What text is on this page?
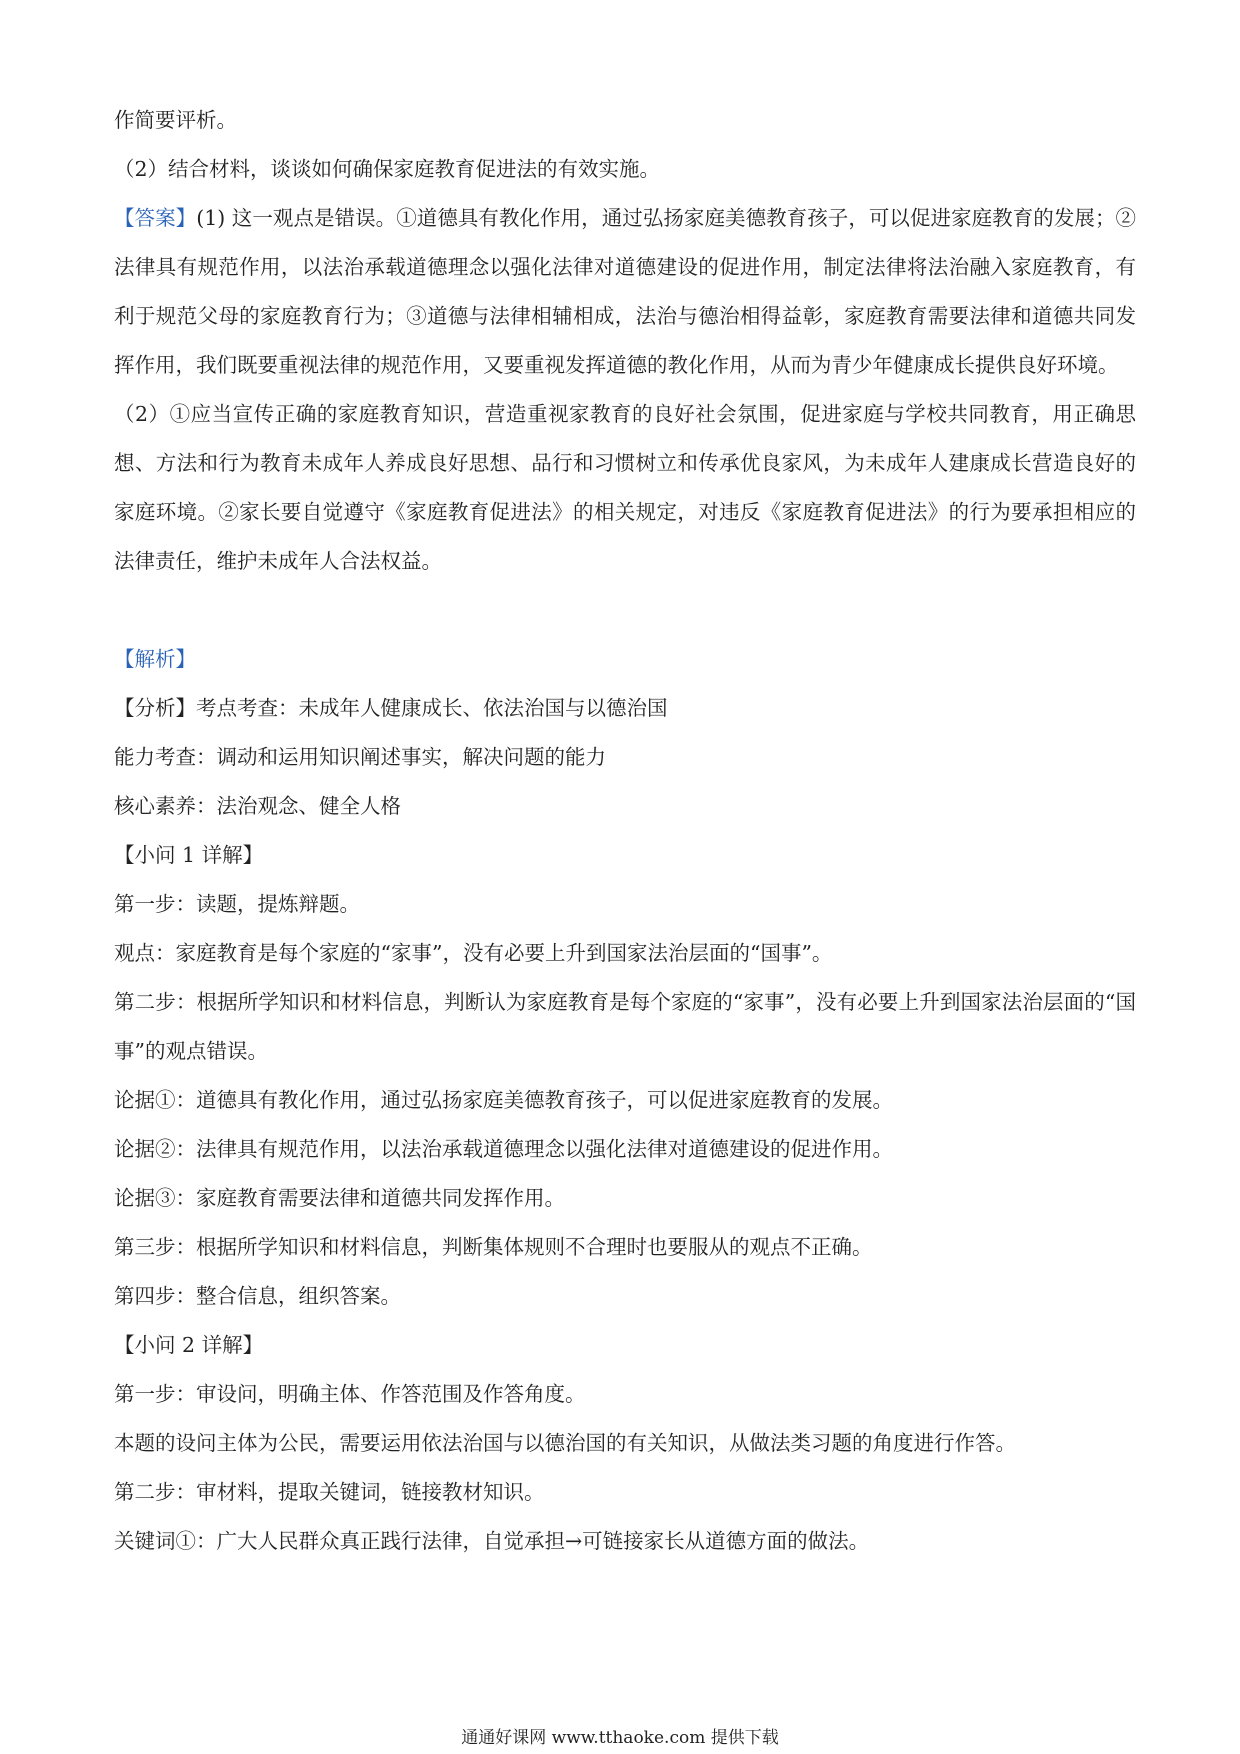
作简要评析。

（2）结合材料，谈谈如何确保家庭教育促进法的有效实施。

【答案】(1) 这一观点是错误。①道德具有教化作用，通过弘扬家庭美德教育孩子，可以促进家庭教育的发展；②法律具有规范作用，以法治承载道德理念以强化法律对道德建设的促进作用，制定法律将法治融入家庭教育，有利于规范父母的家庭教育行为；③道德与法律相辅相成，法治与德治相得益彰，家庭教育需要法律和道德共同发挥作用，我们既要重视法律的规范作用，又要重视发挥道德的教化作用，从而为青少年健康成长提供良好环境。

（2）①应当宣传正确的家庭教育知识，营造重视家教育的良好社会氛围，促进家庭与学校共同教育，用正确思想、方法和行为教育未成年人养成良好思想、品行和习惯树立和传承优良家风，为未成年人建康成长营造良好的家庭环境。②家长要自觉遵守《家庭教育促进法》的相关规定，对违反《家庭教育促进法》的行为要承担相应的法律责任，维护未成年人合法权益。

【解析】

【分析】考点考查：未成年人健康成长、依法治国与以德治国

能力考查：调动和运用知识阐述事实，解决问题的能力

核心素养：法治观念、健全人格

【小问 1 详解】

第一步：读题，提炼辩题。

观点：家庭教育是每个家庭的“家事”，没有必要上升到国家法治层面的“国事”。

第二步：根据所学知识和材料信息，判断认为家庭教育是每个家庭的“家事”，没有必要上升到国家法治层面的“国事”的观点错误。

论据①：道德具有教化作用，通过弘扬家庭美德教育孩子，可以促进家庭教育的发展。

论据②：法律具有规范作用，以法治承载道德理念以强化法律对道德建设的促进作用。

论据③：家庭教育需要法律和道德共同发挥作用。

第三步：根据所学知识和材料信息，判断集体规则不合理时也要服从的观点不正确。

第四步：整合信息，组织答案。

【小问 2 详解】

第一步：审设问，明确主体、作答范围及作答角度。

本题的设问主体为公民，需要运用依法治国与以德治国的有关知识，从做法类习题的角度进行作答。

第二步：审材料，提取关键词，链接教材知识。

关键词①：广大人民群众真正践行法律，自觉承担→可链接家长从道德方面的做法。

通通好课网 www.tthaoke.com 提供下载
